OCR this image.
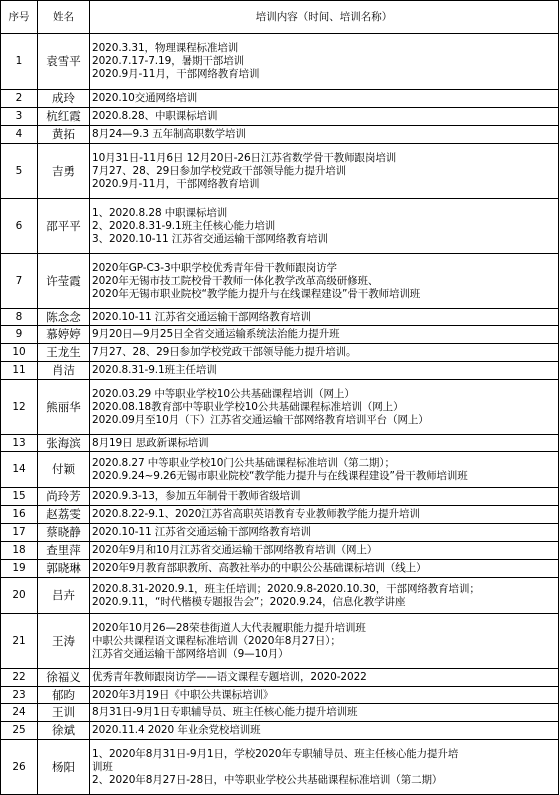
序号	姓名	培训内容（时间、培训名称）
1	袁雪平	2020.3.31，物理课程标准培训
2020.7.17-7.19，暑期干部培训
2020.9月-11月，干部网络教育培训

2	成玲	2020.10交通网络培训

3	杭红霞	2020.8.28、中职课标培训

4	黄拓	8月24—9.3 五年制高职数学培训

5	吉勇	10月31日-11月6日 12月20日-26日江苏省数学骨干教师跟岗培训
7月27、28、29日参加学校党政干部领导能力提升培训
2020.9月-11月，干部网络教育培训

6	邵平平	1、2020.8.28 中职课标培训
2、2020.8.31-9.1班主任核心能力培训
3、2020.10-11 江苏省交通运输干部网络教育培训

7	许莹霞	2020年GP-C3-3中职学校优秀青年骨干教师跟岗访学
2020年无锡市技工院校骨干教师一体化教学改革高级研修班、
2020年无锡市职业院校“教学能力提升与在线课程建设”骨干教师培训班

8	陈念念	2020.10-11 江苏省交通运输干部网络教育培训

9	慕婷婷	9月20日—9月25日全省交通运输系统法治能力提升班

10	王龙生	7月27、28、29日参加学校党政干部领导能力提升培训。

11	肖洁	2020.8.31-9.1班主任培训

12	熊丽华	2020.03.29 中等职业学校10公共基础课程培训（网上）
2020.08.18教育部中等职业学校10公共基础课程标准培训（网上）
2020.09月至10月（下）江苏省交通运输干部网络教育培训平台（网上）

13	张海滨	8月19日 思政新课标培训

14	付颖	2020.8.27 中等职业学校10门公共基础课程标准培训（第二期）；
2020.9.24~9.26无锡市职业院校“教学能力提升与在线课程建设”骨干教师培训班

15	尚玲芳	2020.9.3-13，参加五年制骨干教师省级培训

16	赵荔雯	2020.8.22-9.1、2020江苏省高职英语教育专业教师教学能力提升培训

17	蔡晓静	2020.10-11 江苏省交通运输干部网络教育培训

18	查里萍	2020年9月和10月江苏省交通运输干部网络教育培训（网上）

19	郭晓琳	2020年9月教育部职教所、高教社举办的中职公公基础课标培训（线上）

20	吕卉	2020.8.31-2020.9.1，班主任培训；2020.9.8-2020.10.30，干部网络教育培训；
2020.9.11，“时代楷模专题报告会”；2020.9.24，信息化教学讲座

21	王涛	2020年10月26—28荣巷街道人大代表履职能力提升培训班
中职公共课程语文课程标准培训（2020年8月27日）；
江苏省交通运输干部网络培训（9—10月）

22	徐福义	优秀青年教师跟岗访学——语文课程专题培训，2020-2022

23	郁昀	2020年3月19日《中职公共课标培训》

24	王训	8月31日-9月1日专职辅导员、班主任核心能力提升培训班

25	徐斌	2020.11.4 2020 年业余党校培训班

26	杨阳	1、2020年8月31日-9月1日，学校2020年专职辅导员、班主任核心能力提升培
训班
2、2020年8月27日-28日，中等职业学校公共基础课程标准培训（第二期）
